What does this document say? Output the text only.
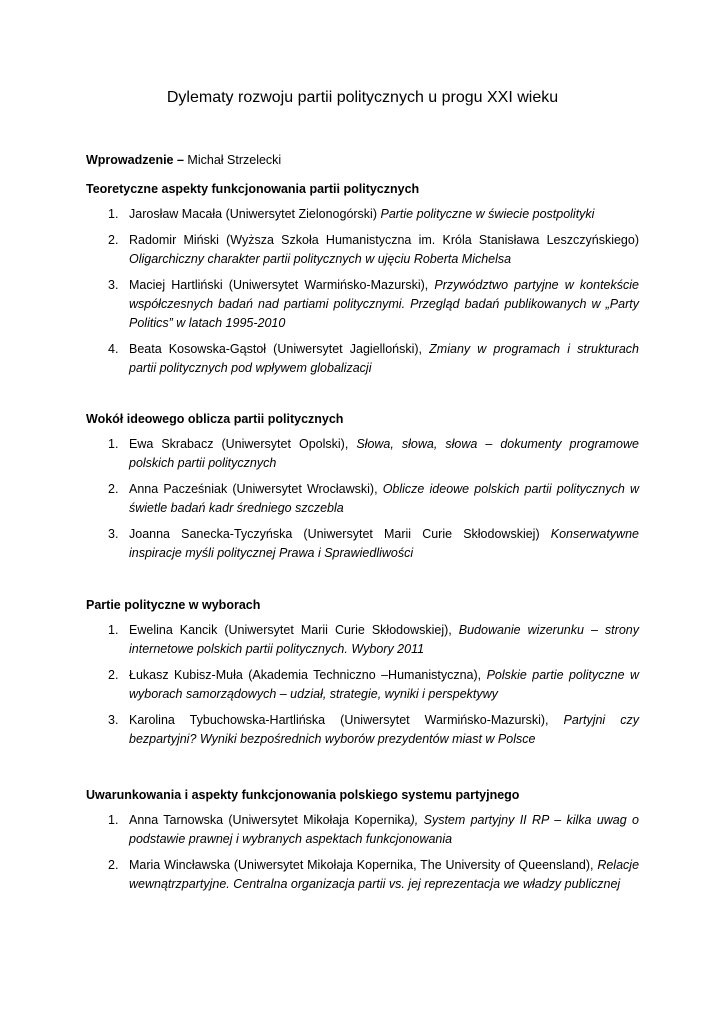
Dylematy rozwoju partii politycznych u progu XXI wieku
Wprowadzenie – Michał Strzelecki
Teoretyczne aspekty funkcjonowania partii politycznych
1. Jarosław Macała (Uniwersytet Zielonogórski) Partie polityczne w świecie postpolityki
2. Radomir Miński (Wyższa Szkoła Humanistyczna im. Króla Stanisława Leszczyńskiego) Oligarchiczny charakter partii politycznych w ujęciu Roberta Michelsa
3. Maciej Hartliński (Uniwersytet Warmińsko-Mazurski), Przywództwo partyjne w kontekście współczesnych badań nad partiami politycznymi. Przegląd badań publikowanych w „Party Politics” w latach 1995-2010
4. Beata Kosowska-Gąstoł (Uniwersytet Jagielloński), Zmiany w programach i strukturach partii politycznych pod wpływem globalizacji
Wokół ideowego oblicza partii politycznych
1. Ewa Skrabacz (Uniwersytet Opolski), Słowa, słowa, słowa – dokumenty programowe polskich partii politycznych
2. Anna Pacześniak (Uniwersytet Wrocławski), Oblicze ideowe polskich partii politycznych w świetle badań kadr średniego szczebla
3. Joanna Sanecka-Tyczyńska (Uniwersytet Marii Curie Skłodowskiej) Konserwatywne inspiracje myśli politycznej Prawa i Sprawiedliwości
Partie polityczne w wyborach
1. Ewelina Kancik (Uniwersytet Marii Curie Skłodowskiej), Budowanie wizerunku – strony internetowe polskich partii politycznych. Wybory 2011
2. Łukasz Kubisz-Muła (Akademia Techniczno –Humanistyczna), Polskie partie polityczne w wyborach samorządowych – udział, strategie, wyniki i perspektywy
3. Karolina Tybuchowska-Hartlińska (Uniwersytet Warmińsko-Mazurski), Partyjni czy bezpartyjni? Wyniki bezpośrednich wyborów prezydentów miast w Polsce
Uwarunkowania i aspekty funkcjonowania polskiego systemu partyjnego
1. Anna Tarnowska (Uniwersytet Mikołaja Kopernika), System partyjny II RP – kilka uwag o podstawie prawnej i wybranych aspektach funkcjonowania
2. Maria Wincławska (Uniwersytet Mikołaja Kopernika, The University of Queensland), Relacje wewnątrzpartyjne. Centralna organizacja partii vs. jej reprezentacja we władzy publicznej
